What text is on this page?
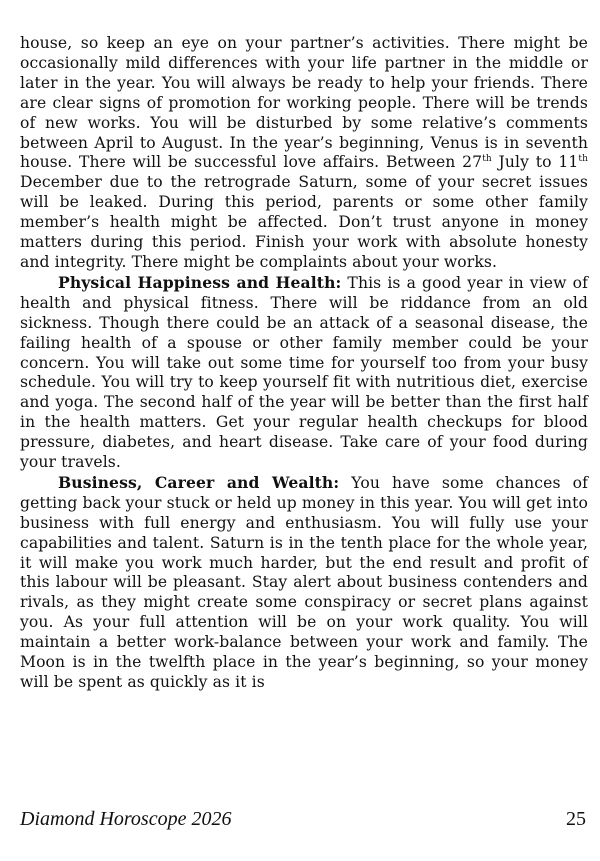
house, so keep an eye on your partner’s activities. There might be occasionally mild differences with your life partner in the middle or later in the year. You will always be ready to help your friends. There are clear signs of promotion for working people. There will be trends of new works. You will be disturbed by some relative’s comments between April to August. In the year’s beginning, Venus is in seventh house. There will be successful love affairs. Between 27th July to 11th December due to the retrograde Saturn, some of your secret issues will be leaked. During this period, parents or some other family member’s health might be affected. Don’t trust anyone in money matters during this period. Finish your work with absolute honesty and integrity. There might be complaints about your works.

Physical Happiness and Health: This is a good year in view of health and physical fitness. There will be riddance from an old sickness. Though there could be an attack of a seasonal disease, the failing health of a spouse or other family member could be your concern. You will take out some time for yourself too from your busy schedule. You will try to keep yourself fit with nutritious diet, exercise and yoga. The second half of the year will be better than the first half in the health matters. Get your regular health checkups for blood pressure, diabetes, and heart disease. Take care of your food during your travels.

Business, Career and Wealth: You have some chances of getting back your stuck or held up money in this year. You will get into business with full energy and enthusiasm. You will fully use your capabilities and talent. Saturn is in the tenth place for the whole year, it will make you work much harder, but the end result and profit of this labour will be pleasant. Stay alert about business contenders and rivals, as they might create some conspiracy or secret plans against you. As your full attention will be on your work quality. You will maintain a better work-balance between your work and family. The Moon is in the twelfth place in the year’s beginning, so your money will be spent as quickly as it is

Diamond Horoscope 2026	25
